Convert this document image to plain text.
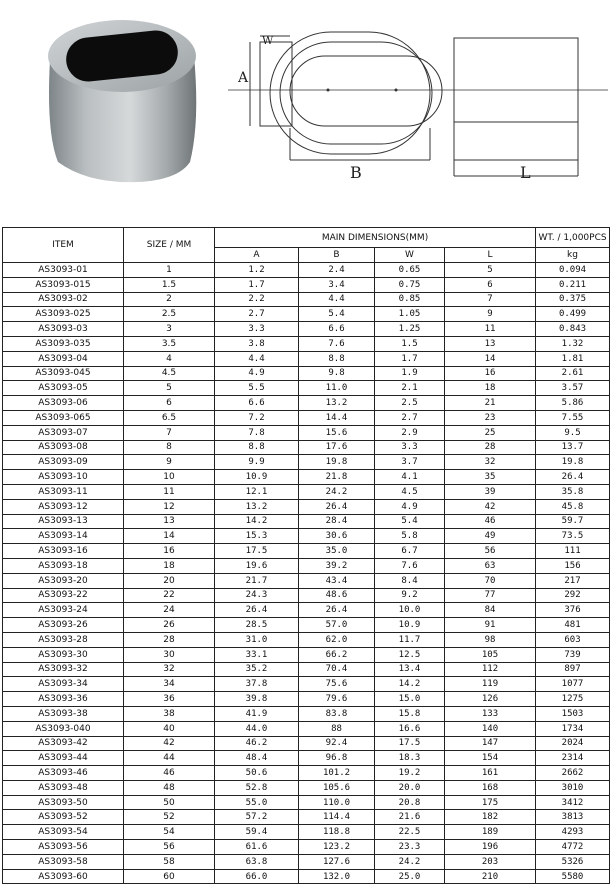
W
A
B	L
ITEM	SIZE / MM	MAIN DIMENSIONS(MM)				WT. / 1,000PCS
		A	B	W	L	kg
AS3093-01	1	1.2	2.4	0.65	5	0.094
AS3093-015	1.5	1.7	3.4	0.75	6	0.211
AS3093-02	2	2.2	4.4	0.85	7	0.375
AS3093-025	2.5	2.7	5.4	1.05	9	0.499
AS3093-03	3	3.3	6.6	1.25	11	0.843
AS3093-035	3.5	3.8	7.6	1.5	13	1.32
AS3093-04	4	4.4	8.8	1.7	14	1.81
AS3093-045	4.5	4.9	9.8	1.9	16	2.61
AS3093-05	5	5.5	11.0	2.1	18	3.57
AS3093-06	6	6.6	13.2	2.5	21	5.86
AS3093-065	6.5	7.2	14.4	2.7	23	7.55
AS3093-07	7	7.8	15.6	2.9	25	9.5
AS3093-08	8	8.8	17.6	3.3	28	13.7
AS3093-09	9	9.9	19.8	3.7	32	19.8
AS3093-10	10	10.9	21.8	4.1	35	26.4
AS3093-11	11	12.1	24.2	4.5	39	35.8
AS3093-12	12	13.2	26.4	4.9	42	45.8
AS3093-13	13	14.2	28.4	5.4	46	59.7
AS3093-14	14	15.3	30.6	5.8	49	73.5
AS3093-16	16	17.5	35.0	6.7	56	111
AS3093-18	18	19.6	39.2	7.6	63	156
AS3093-20	20	21.7	43.4	8.4	70	217
AS3093-22	22	24.3	48.6	9.2	77	292
AS3093-24	24	26.4	26.4	10.0	84	376
AS3093-26	26	28.5	57.0	10.9	91	481
AS3093-28	28	31.0	62.0	11.7	98	603
AS3093-30	30	33.1	66.2	12.5	105	739
AS3093-32	32	35.2	70.4	13.4	112	897
AS3093-34	34	37.8	75.6	14.2	119	1077
AS3093-36	36	39.8	79.6	15.0	126	1275
AS3093-38	38	41.9	83.8	15.8	133	1503
AS3093-040	40	44.0	88	16.6	140	1734
AS3093-42	42	46.2	92.4	17.5	147	2024
AS3093-44	44	48.4	96.8	18.3	154	2314
AS3093-46	46	50.6	101.2	19.2	161	2662
AS3093-48	48	52.8	105.6	20.0	168	3010
AS3093-50	50	55.0	110.0	20.8	175	3412
AS3093-52	52	57.2	114.4	21.6	182	3813
AS3093-54	54	59.4	118.8	22.5	189	4293
AS3093-56	56	61.6	123.2	23.3	196	4772
AS3093-58	58	63.8	127.6	24.2	203	5326
AS3093-60	60	66.0	132.0	25.0	210	5580
